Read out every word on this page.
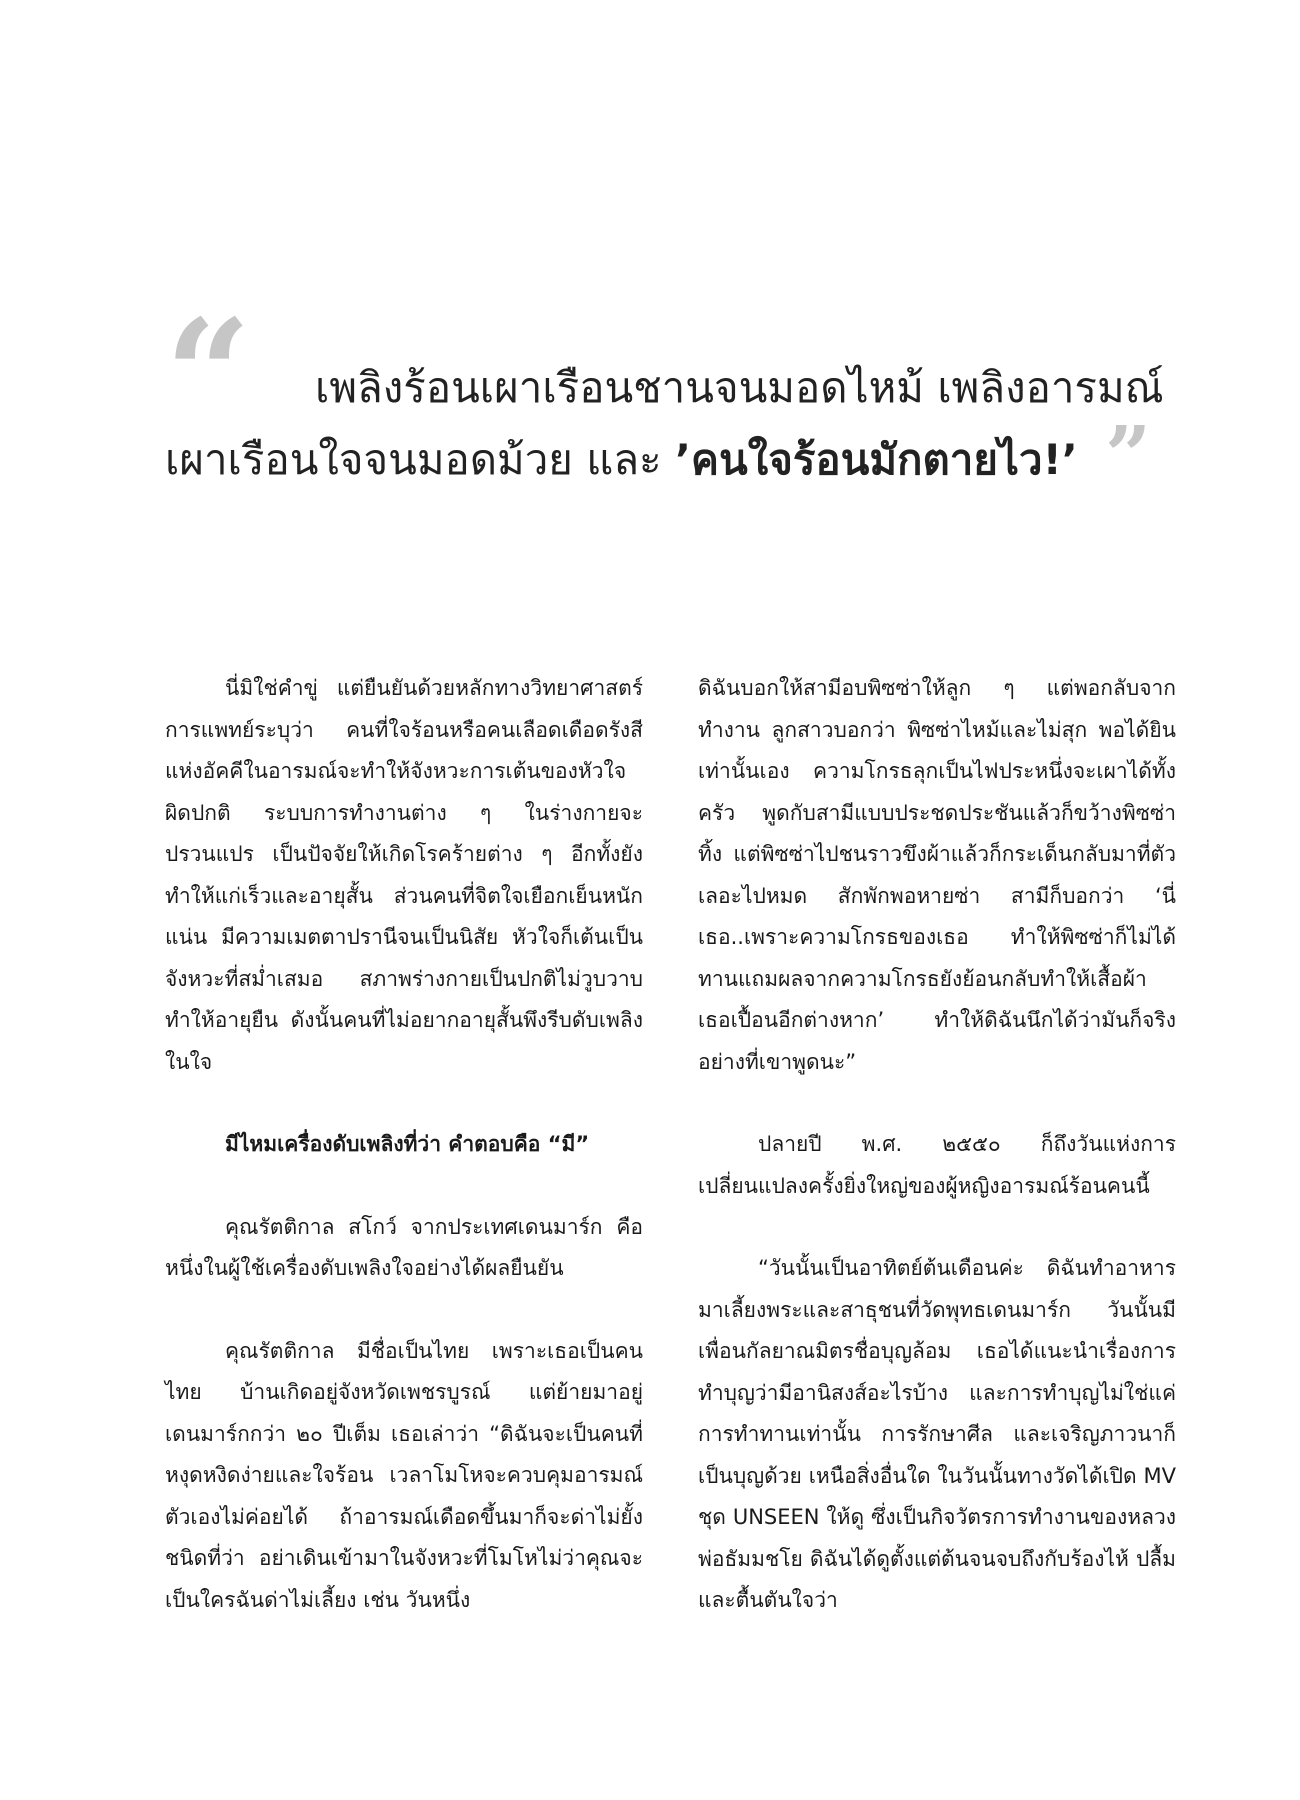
“	เพลิงร้อนเผาเรือนชานจนมอดไหม้ เพลิงอารมณ์
เผาเรือนใจจนมอดม้วย และ ’คนใจร้อนมักตายไว!’ ”

นี่มิใช่คำขู่ แต่ยืนยันด้วยหลักทางวิทยาศาสตร์การแพทย์ระบุว่า คนที่ใจร้อนหรือคนเลือดเดือดรังสีแห่งอัคคีในอารมณ์จะทำให้จังหวะการเต้นของหัวใจผิดปกติ ระบบการทำงานต่าง ๆ ในร่างกายจะปรวนแปร เป็นปัจจัยให้เกิดโรคร้ายต่าง ๆ อีกทั้งยังทำให้แก่เร็วและอายุสั้น ส่วนคนที่จิตใจเยือกเย็นหนักแน่น มีความเมตตาปรานีจนเป็นนิสัย หัวใจก็เต้นเป็นจังหวะที่สม่ำเสมอ สภาพร่างกายเป็นปกติไม่วูบวาบ ทำให้อายุยืน ดังนั้นคนที่ไม่อยากอายุสั้นพึงรีบดับเพลิงในใจ

มีไหมเครื่องดับเพลิงที่ว่า คำตอบคือ “มี”

คุณรัตติกาล สโกว์ จากประเทศเดนมาร์ก คือหนึ่งในผู้ใช้เครื่องดับเพลิงใจอย่างได้ผลยืนยัน

คุณรัตติกาล มีชื่อเป็นไทย เพราะเธอเป็นคนไทย บ้านเกิดอยู่จังหวัดเพชรบูรณ์ แต่ย้ายมาอยู่เดนมาร์กกว่า ๒๐ ปีเต็ม เธอเล่าว่า “ดิฉันจะเป็นคนที่หงุดหงิดง่ายและใจร้อน เวลาโมโหจะควบคุมอารมณ์ตัวเองไม่ค่อยได้ ถ้าอารมณ์เดือดขึ้นมาก็จะด่าไม่ยั้งชนิดที่ว่า อย่าเดินเข้ามาในจังหวะที่โมโหไม่ว่าคุณจะเป็นใครฉันด่าไม่เลี้ยง เช่น วันหนึ่ง

ดิฉันบอกให้สามีอบพิซซ่าให้ลูก ๆ แต่พอกลับจากทำงาน ลูกสาวบอกว่า พิซซ่าไหม้และไม่สุก พอได้ยินเท่านั้นเอง ความโกรธลุกเป็นไฟประหนึ่งจะเผาได้ทั้งครัว พูดกับสามีแบบประชดประชันแล้วก็ขว้างพิซซ่าทิ้ง แต่พิซซ่าไปชนราวขึงผ้าแล้วก็กระเด็นกลับมาที่ตัว เลอะไปหมด สักพักพอหายซ่า สามีก็บอกว่า ‘นี่เธอ..เพราะความโกรธของเธอ ทำให้พิซซ่าก็ไม่ได้ทานแถมผลจากความโกรธยังย้อนกลับทำให้เสื้อผ้าเธอเปื้อนอีกต่างหาก’ ทำให้ดิฉันนึกได้ว่ามันก็จริงอย่างที่เขาพูดนะ”

ปลายปี พ.ศ. ๒๕๕๐ ก็ถึงวันแห่งการเปลี่ยนแปลงครั้งยิ่งใหญ่ของผู้หญิงอารมณ์ร้อนคนนี้

“วันนั้นเป็นอาทิตย์ต้นเดือนค่ะ ดิฉันทำอาหารมาเลี้ยงพระและสาธุชนที่วัดพุทธเดนมาร์ก วันนั้นมีเพื่อนกัลยาณมิตรชื่อบุญล้อม เธอได้แนะนำเรื่องการทำบุญว่ามีอานิสงส์อะไรบ้าง และการทำบุญไม่ใช่แค่การทำทานเท่านั้น การรักษาศีล และเจริญภาวนาก็เป็นบุญด้วย เหนือสิ่งอื่นใด ในวันนั้นทางวัดได้เปิด MV ชุด UNSEEN ให้ดู ซึ่งเป็นกิจวัตรการทำงานของหลวงพ่อธัมมชโย ดิฉันได้ดูตั้งแต่ต้นจนจบถึงกับร้องไห้ ปลื้มและตื้นตันใจว่า
